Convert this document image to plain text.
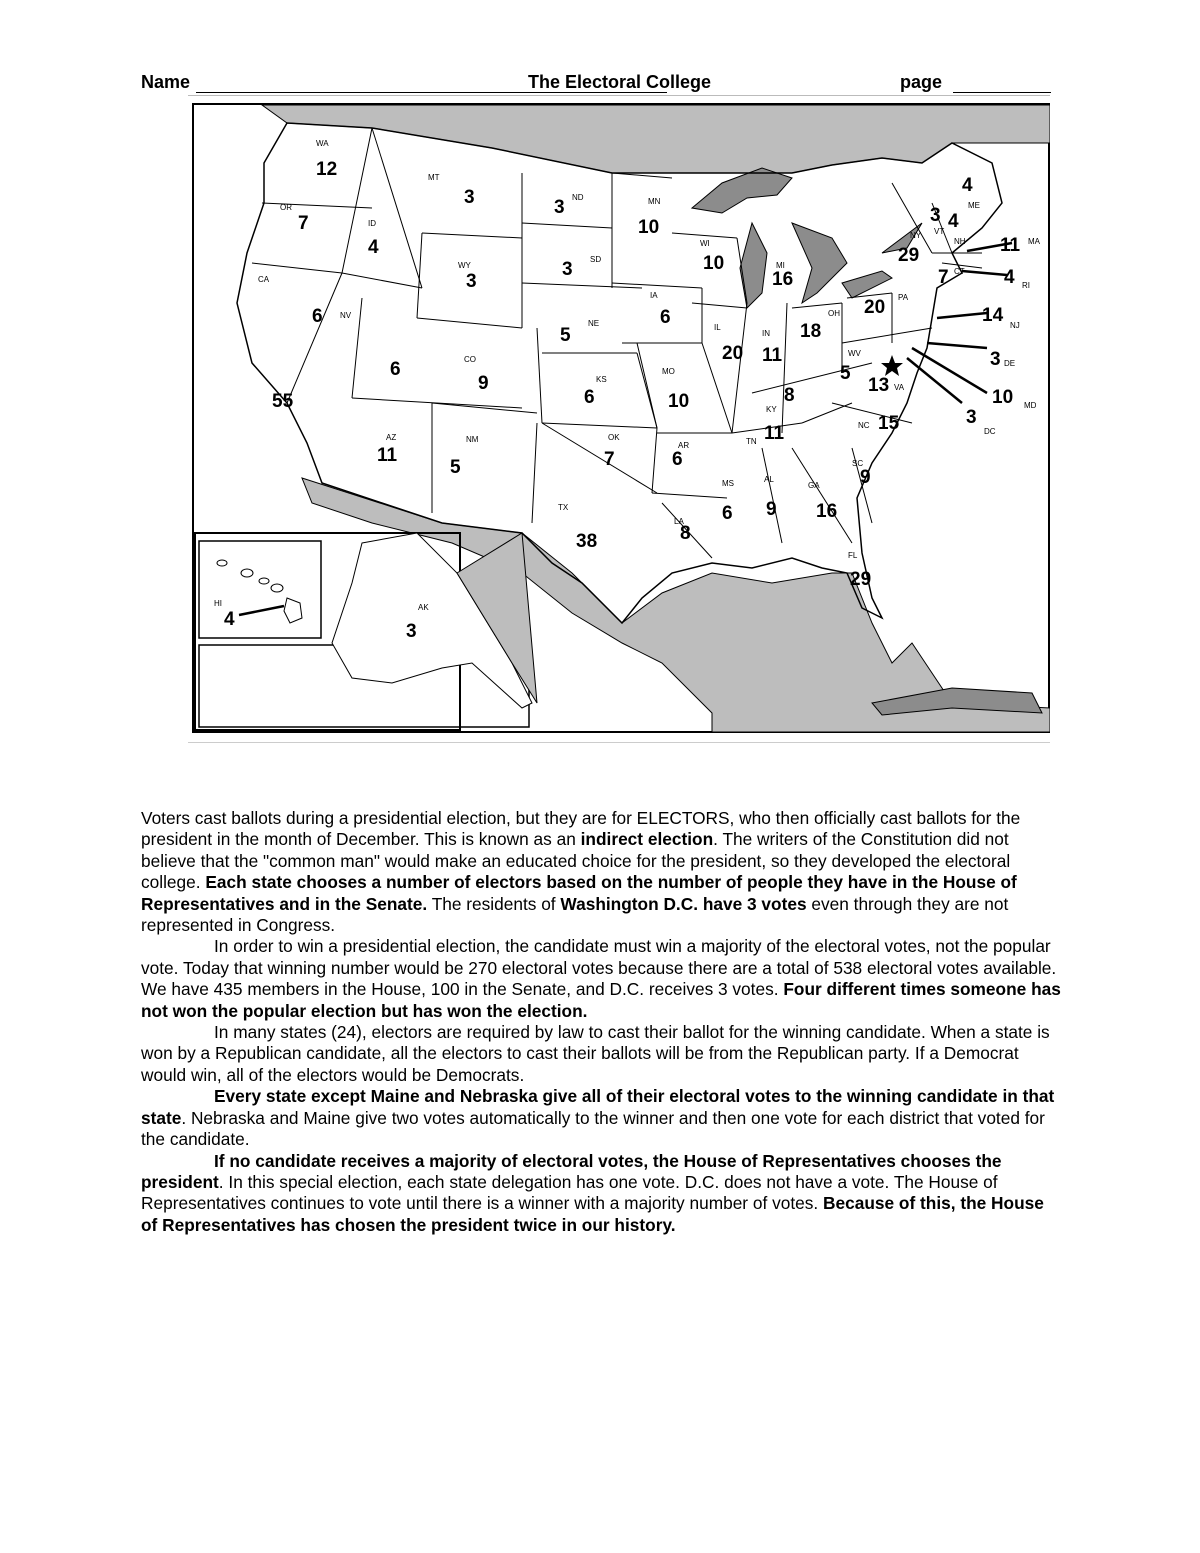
Name	The Electoral College	page
WA
12
OR
7
CA
55
ID
4
NV
6
MT
3
WY
3
6
AZ
11
CO
9
NM
5
ND
3
SD
3
NE
5
KS
6
OK
7
TX
38
MN
10
IA
6
MO
10
AR
6
LA
8
WI
10
IL
20
MI
16
IN
11
OH
18
KY
8
TN 11
MS
6
AL
9
GA
16
FL
29
SC
9
NC 15
VA
13
WV
5
PA
20
NY
29
VT
3
NH
4
ME
4
MA
11
RI
4
CT
7
NJ
14
DE
3
MD
10
DC
3
HI
4
AK
3

Voters cast ballots during a presidential election, but they are for ELECTORS, who then officially cast ballots for the president in the month of December. This is known as an indirect election. The writers of the Constitution did not believe that the "common man" would make an educated choice for the president, so they developed the electoral college. Each state chooses a number of electors based on the number of people they have in the House of Representatives and in the Senate. The residents of Washington D.C. have 3 votes even through they are not represented in Congress.

In order to win a presidential election, the candidate must win a majority of the electoral votes, not the popular vote. Today that winning number would be 270 electoral votes because there are a total of 538 electoral votes available. We have 435 members in the House, 100 in the Senate, and D.C. receives 3 votes. Four different times someone has not won the popular election but has won the election.

In many states (24), electors are required by law to cast their ballot for the winning candidate. When a state is won by a Republican candidate, all the electors to cast their ballots will be from the Republican party. If a Democrat would win, all of the electors would be Democrats.

Every state except Maine and Nebraska give all of their electoral votes to the winning candidate in that state. Nebraska and Maine give two votes automatically to the winner and then one vote for each district that voted for the candidate.

If no candidate receives a majority of electoral votes, the House of Representatives chooses the president. In this special election, each state delegation has one vote. D.C. does not have a vote. The House of Representatives continues to vote until there is a winner with a majority number of votes. Because of this, the House of Representatives has chosen the president twice in our history.
